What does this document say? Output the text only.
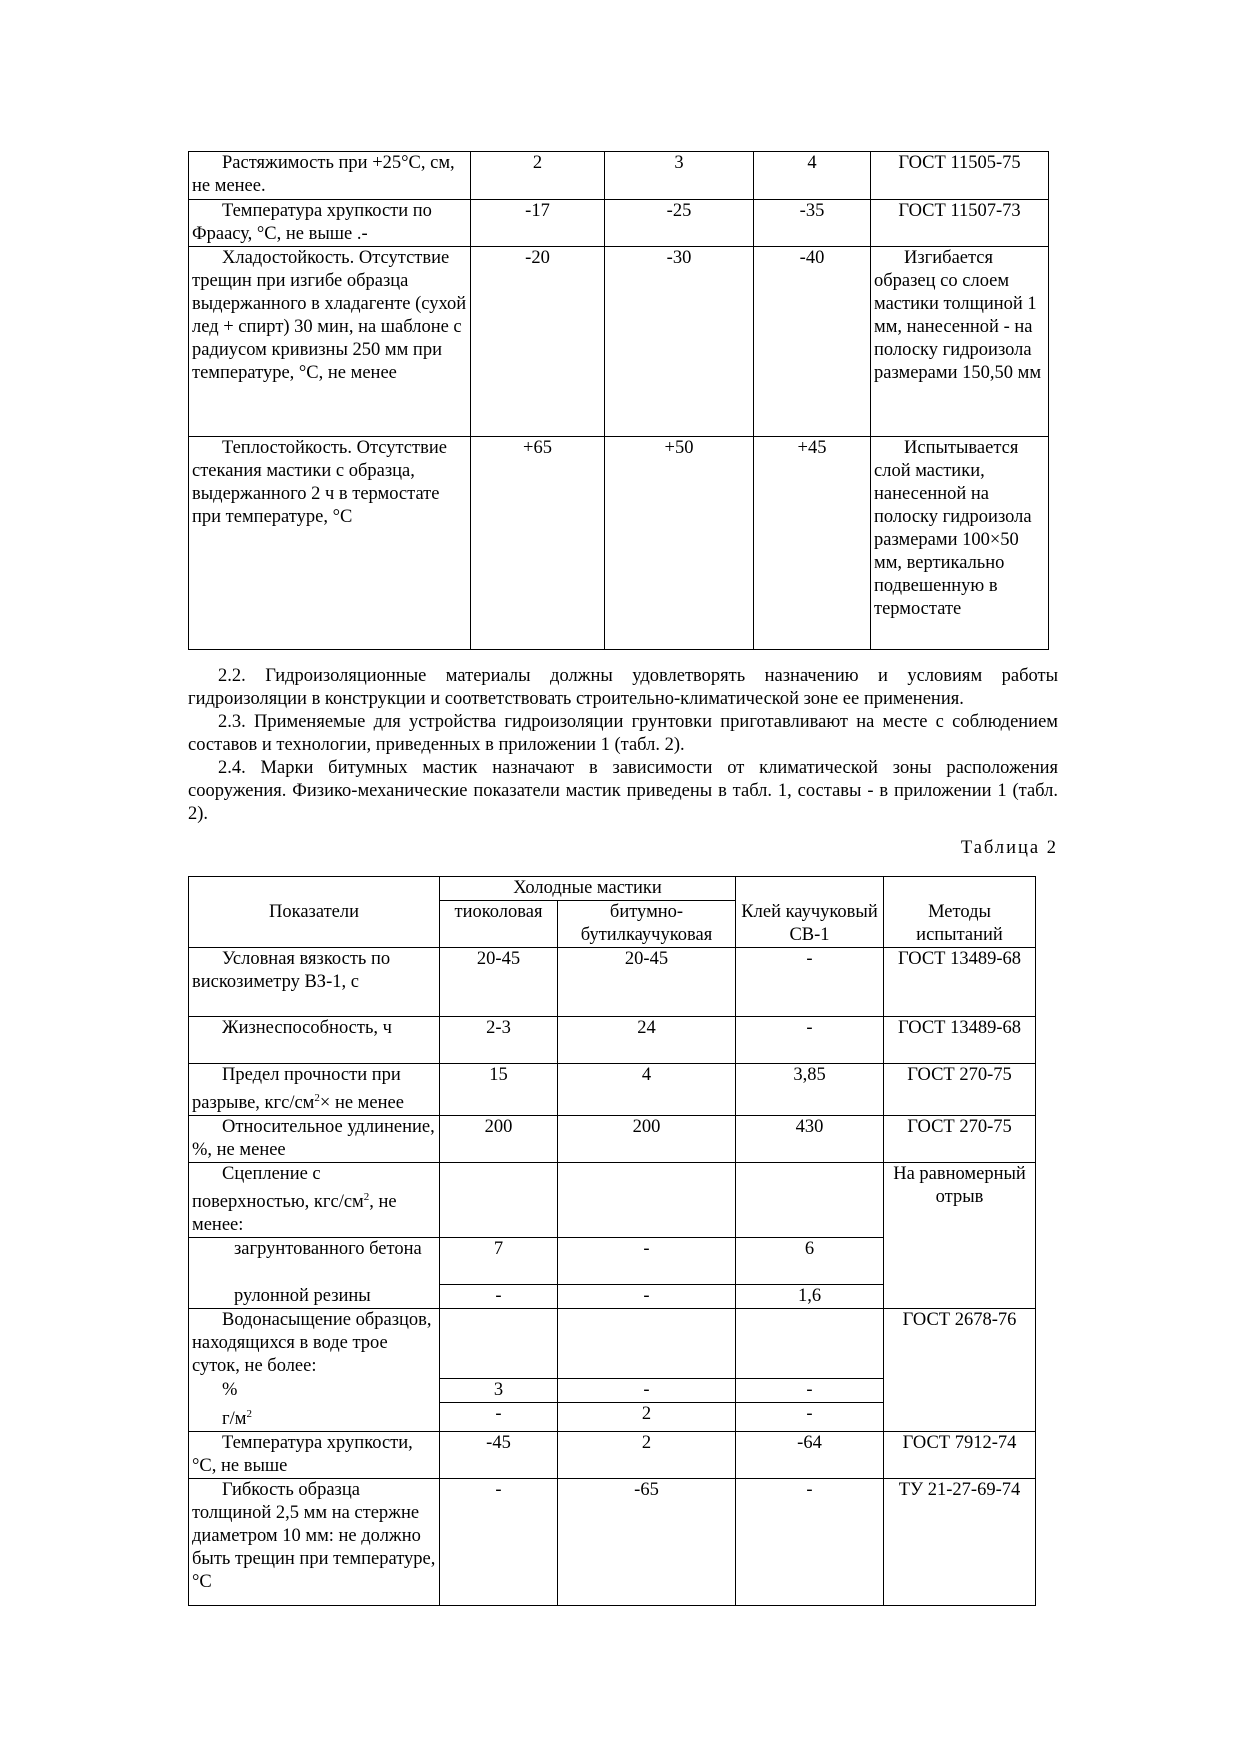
Растяжимость при +25°С, см, не менее.	2	3	4	ГОСТ 11505-75
Температура хрупкости по Фраасу, °С, не выше .-	-17	-25	-35	ГОСТ 11507-73
Хладостойкость. Отсутствие трещин при изгибе образца выдержанного в хладагенте (сухой лед + спирт) 30 мин, на шаблоне с радиусом кривизны 250 мм при температуре, °С, не менее	-20	-30	-40	Изгибается образец со слоем мастики толщиной 1 мм, нанесенной - на полоску гидроизола размерами 150,50 мм
Теплостойкость. Отсутствие стекания мастики с образца, выдержанного 2 ч в термостате при температуре, °С	+65	+50	+45	Испытывается слой мастики, нанесенной на полоску гидроизола размерами 100×50 мм, вертикально подвешенную в термостате
2.2. Гидроизоляционные материалы должны удовлетворять назначению и условиям работы гидроизоляции в конструкции и соответствовать строительно-климатической зоне ее применения.
2.3. Применяемые для устройства гидроизоляции грунтовки приготавливают на месте с соблюдением составов и технологии, приведенных в приложении 1 (табл. 2).
2.4. Марки битумных мастик назначают в зависимости от климатической зоны расположения сооружения. Физико-механические показатели мастик приведены в табл. 1, составы - в приложении 1 (табл. 2).
Таблица 2
Показатели	Холодные мастики		Клей каучуковый СВ-1	Методы испытаний
	тиоколовая	битумно-бутилкаучуковая		
Условная вязкость по вискозиметру ВЗ-1, с	20-45	20-45	-	ГОСТ 13489-68
Жизнеспособность, ч	2-3	24	-	ГОСТ 13489-68
Предел прочности при разрыве, кгс/$см^2\times$ не менее	15	4	3,85	ГОСТ 270-75
Относительное удлинение, %, не менее	200	200	430	ГОСТ 270-75
Сцепление с поверхностью, кгс/$см^2$, не менее:				На равномерный отрыв
загрунтованного бетона	7	-	6	
рулонной резины	-	-	1,6	
Водонасыщение образцов, находящихся в воде трое суток, не более:				ГОСТ 2678-76
%	3	-	-	
$г/м^2$	-	2	-	
Температура хрупкости, °С, не выше	-45	2	-64	ГОСТ 7912-74
Гибкость образца толщиной 2,5 мм на стержне диаметром 10 мм: не должно быть трещин при температуре, °С	-	-65	-	ТУ 21-27-69-74
